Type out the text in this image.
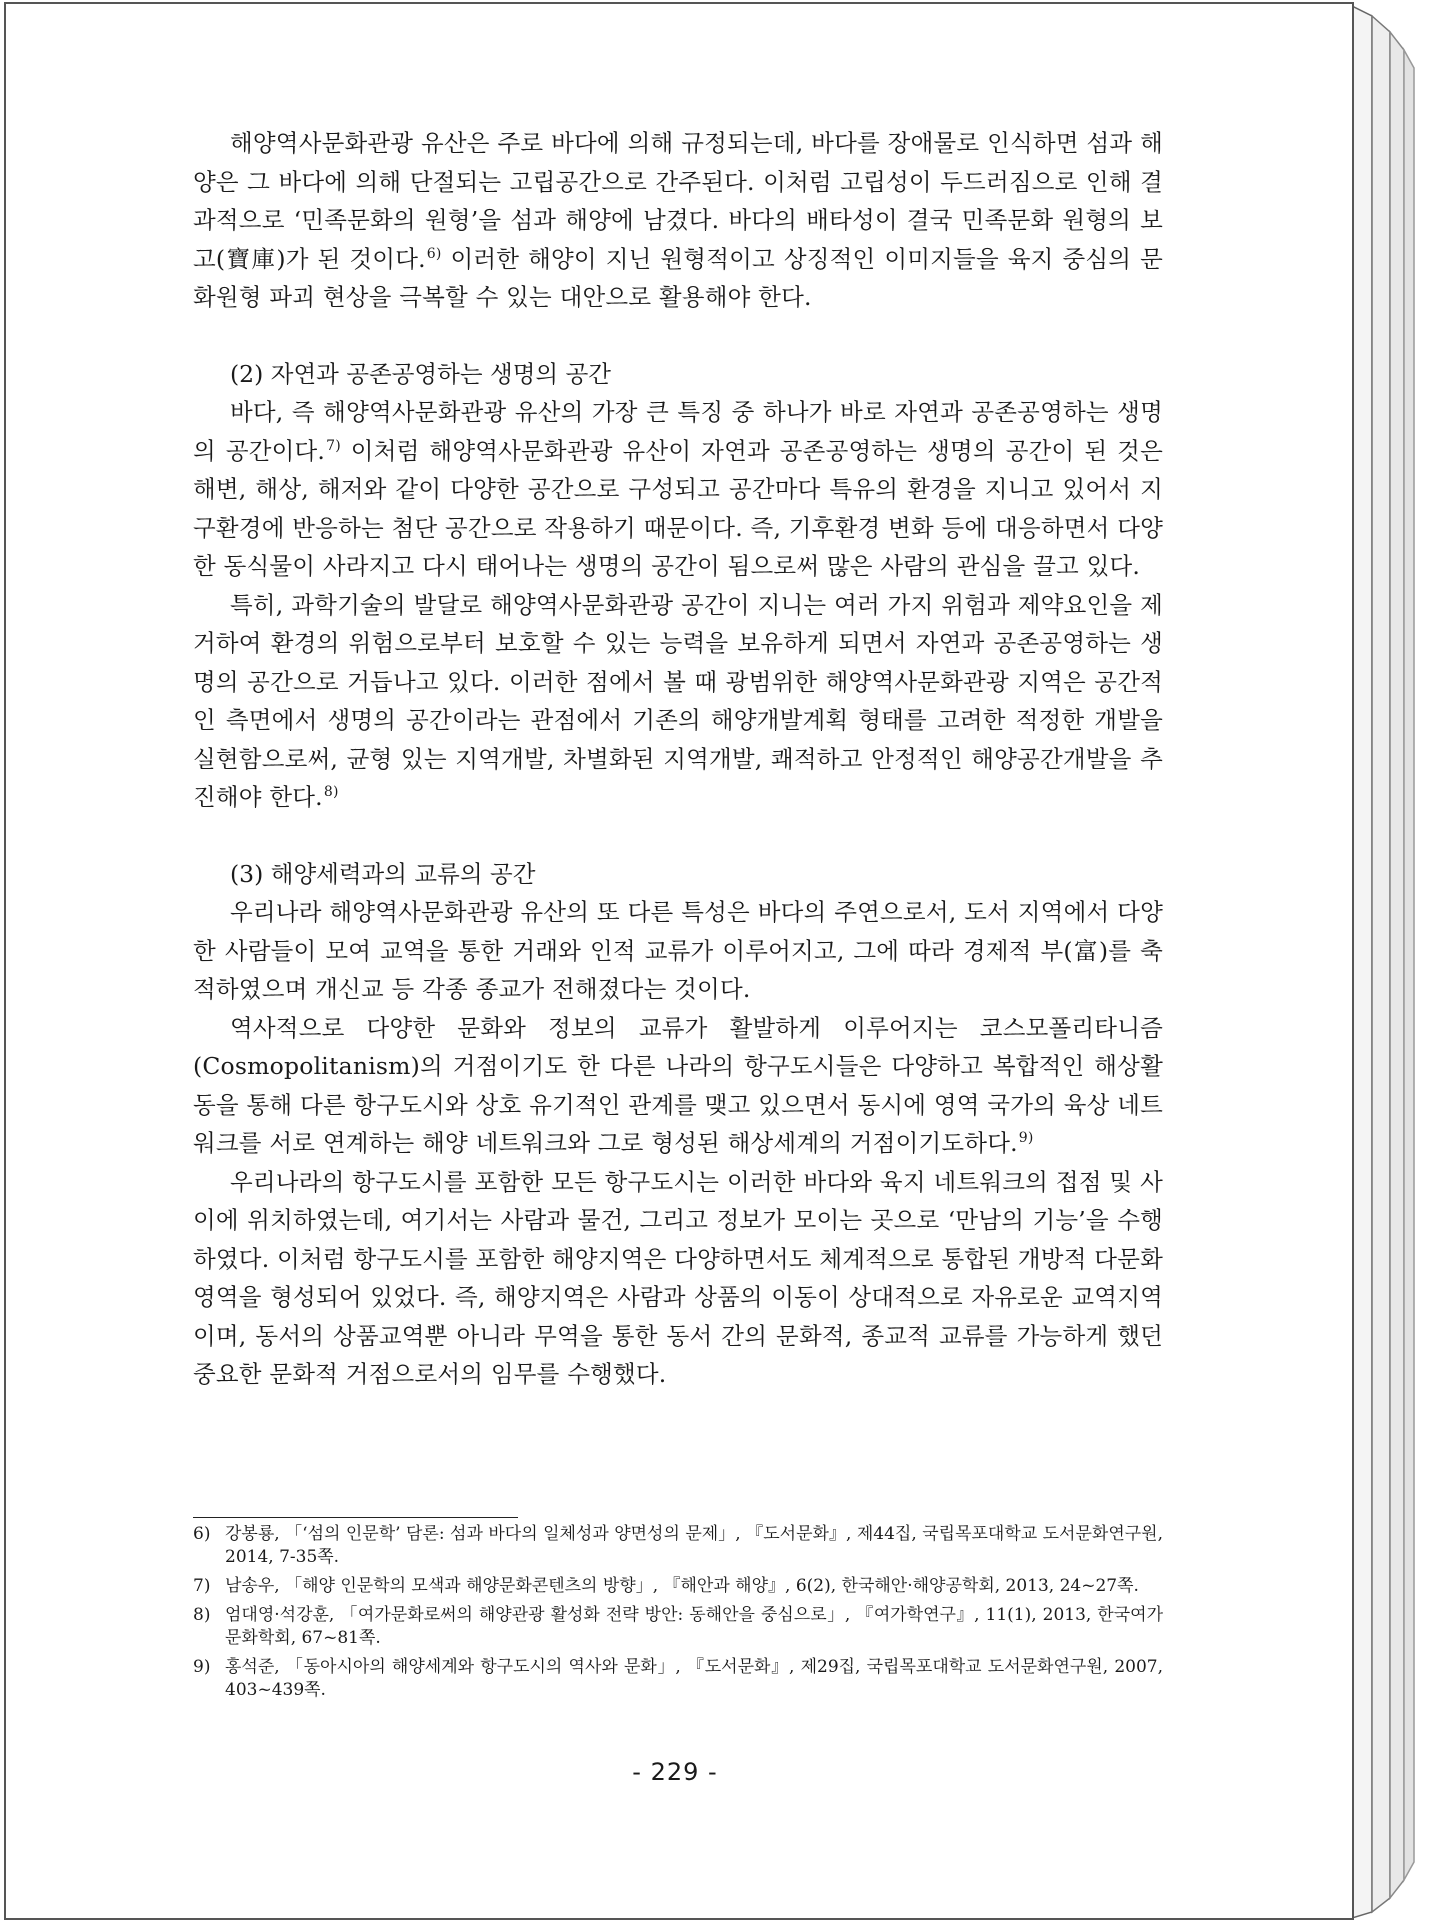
해양역사문화관광 유산은 주로 바다에 의해 규정되는데, 바다를 장애물로 인식하면 섬과 해양은 그 바다에 의해 단절되는 고립공간으로 간주된다. 이처럼 고립성이 두드러짐으로 인해 결과적으로 ‘민족문화의 원형’을 섬과 해양에 남겼다. 바다의 배타성이 결국 민족문화 원형의 보고(寶庫)가 된 것이다.$^{6)}$ 이러한 해양이 지닌 원형적이고 상징적인 이미지들을 육지 중심의 문화원형 파괴 현상을 극복할 수 있는 대안으로 활용해야 한다.

(2) 자연과 공존공영하는 생명의 공간

바다, 즉 해양역사문화관광 유산의 가장 큰 특징 중 하나가 바로 자연과 공존공영하는 생명의 공간이다.$^{7)}$ 이처럼 해양역사문화관광 유산이 자연과 공존공영하는 생명의 공간이 된 것은 해변, 해상, 해저와 같이 다양한 공간으로 구성되고 공간마다 특유의 환경을 지니고 있어서 지구환경에 반응하는 첨단 공간으로 작용하기 때문이다. 즉, 기후환경 변화 등에 대응하면서 다양한 동식물이 사라지고 다시 태어나는 생명의 공간이 됨으로써 많은 사람의 관심을 끌고 있다.

특히, 과학기술의 발달로 해양역사문화관광 공간이 지니는 여러 가지 위험과 제약요인을 제거하여 환경의 위험으로부터 보호할 수 있는 능력을 보유하게 되면서 자연과 공존공영하는 생명의 공간으로 거듭나고 있다. 이러한 점에서 볼 때 광범위한 해양역사문화관광 지역은 공간적인 측면에서 생명의 공간이라는 관점에서 기존의 해양개발계획 형태를 고려한 적정한 개발을 실현함으로써, 균형 있는 지역개발, 차별화된 지역개발, 쾌적하고 안정적인 해양공간개발을 추진해야 한다.$^{8)}$

(3) 해양세력과의 교류의 공간

우리나라 해양역사문화관광 유산의 또 다른 특성은 바다의 주연으로서, 도서 지역에서 다양한 사람들이 모여 교역을 통한 거래와 인적 교류가 이루어지고, 그에 따라 경제적 부(富)를 축적하였으며 개신교 등 각종 종교가 전해졌다는 것이다.

역사적으로 다양한 문화와 정보의 교류가 활발하게 이루어지는 코스모폴리타니즘(Cosmopolitanism)의 거점이기도 한 다른 나라의 항구도시들은 다양하고 복합적인 해상활동을 통해 다른 항구도시와 상호 유기적인 관계를 맺고 있으면서 동시에 영역 국가의 육상 네트워크를 서로 연계하는 해양 네트워크와 그로 형성된 해상세계의 거점이기도하다.$^{9)}$

우리나라의 항구도시를 포함한 모든 항구도시는 이러한 바다와 육지 네트워크의 접점 및 사이에 위치하였는데, 여기서는 사람과 물건, 그리고 정보가 모이는 곳으로 ‘만남의 기능’을 수행하였다. 이처럼 항구도시를 포함한 해양지역은 다양하면서도 체계적으로 통합된 개방적 다문화 영역을 형성되어 있었다. 즉, 해양지역은 사람과 상품의 이동이 상대적으로 자유로운 교역지역이며, 동서의 상품교역뿐 아니라 무역을 통한 동서 간의 문화적, 종교적 교류를 가능하게 했던 중요한 문화적 거점으로서의 임무를 수행했다.

6) 강봉룡, 「‘섬의 인문학’ 담론: 섬과 바다의 일체성과 양면성의 문제」, 『도서문화』, 제44집, 국립목포대학교 도서문화연구원, 2014, 7-35쪽.
7) 남송우, 「해양 인문학의 모색과 해양문화콘텐츠의 방향」, 『해안과 해양』, 6(2), 한국해안·해양공학회, 2013, 24~27쪽.
8) 엄대영·석강훈, 「여가문화로써의 해양관광 활성화 전략 방안: 동해안을 중심으로」, 『여가학연구』, 11(1), 2013, 한국여가문화학회, 67~81쪽.
9) 홍석준, 「동아시아의 해양세계와 항구도시의 역사와 문화」, 『도서문화』, 제29집, 국립목포대학교 도서문화연구원, 2007, 403~439쪽.
- 229 -
